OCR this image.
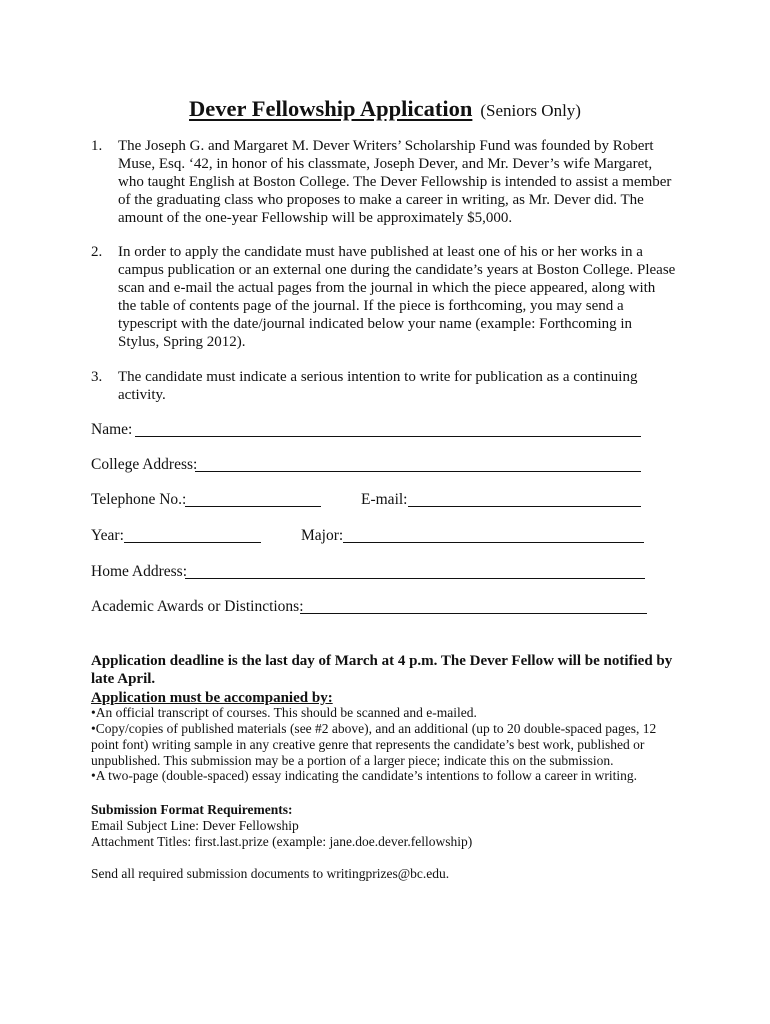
Dever Fellowship Application (Seniors Only)
1. The Joseph G. and Margaret M. Dever Writers’ Scholarship Fund was founded by Robert
Muse, Esq. ‘42, in honor of his classmate, Joseph Dever, and Mr. Dever’s wife Margaret,
who taught English at Boston College. The Dever Fellowship is intended to assist a member
of the graduating class who proposes to make a career in writing, as Mr. Dever did. The
amount of the one-year Fellowship will be approximately $5,000.
2. In order to apply the candidate must have published at least one of his or her works in a
campus publication or an external one during the candidate’s years at Boston College. Please
scan and e-mail the actual pages from the journal in which the piece appeared, along with
the table of contents page of the journal. If the piece is forthcoming, you may send a
typescript with the date/journal indicated below your name (example: Forthcoming in
Stylus, Spring 2012).
3. The candidate must indicate a serious intention to write for publication as a continuing
activity.
Name:
College Address:
Telephone No.:	E-mail:
Year:	Major:
Home Address:
Academic Awards or Distinctions:
Application deadline is the last day of March at 4 p.m. The Dever Fellow will be notified by late April.
Application must be accompanied by:
•An official transcript of courses. This should be scanned and e-mailed.
•Copy/copies of published materials (see #2 above), and an additional (up to 20 double-spaced pages, 12
point font) writing sample in any creative genre that represents the candidate’s best work, published or
unpublished. This submission may be a portion of a larger piece; indicate this on the submission.
•A two-page (double-spaced) essay indicating the candidate’s intentions to follow a career in writing.
Submission Format Requirements:
Email Subject Line: Dever Fellowship
Attachment Titles: first.last.prize (example: jane.doe.dever.fellowship)
Send all required submission documents to writingprizes@bc.edu.
